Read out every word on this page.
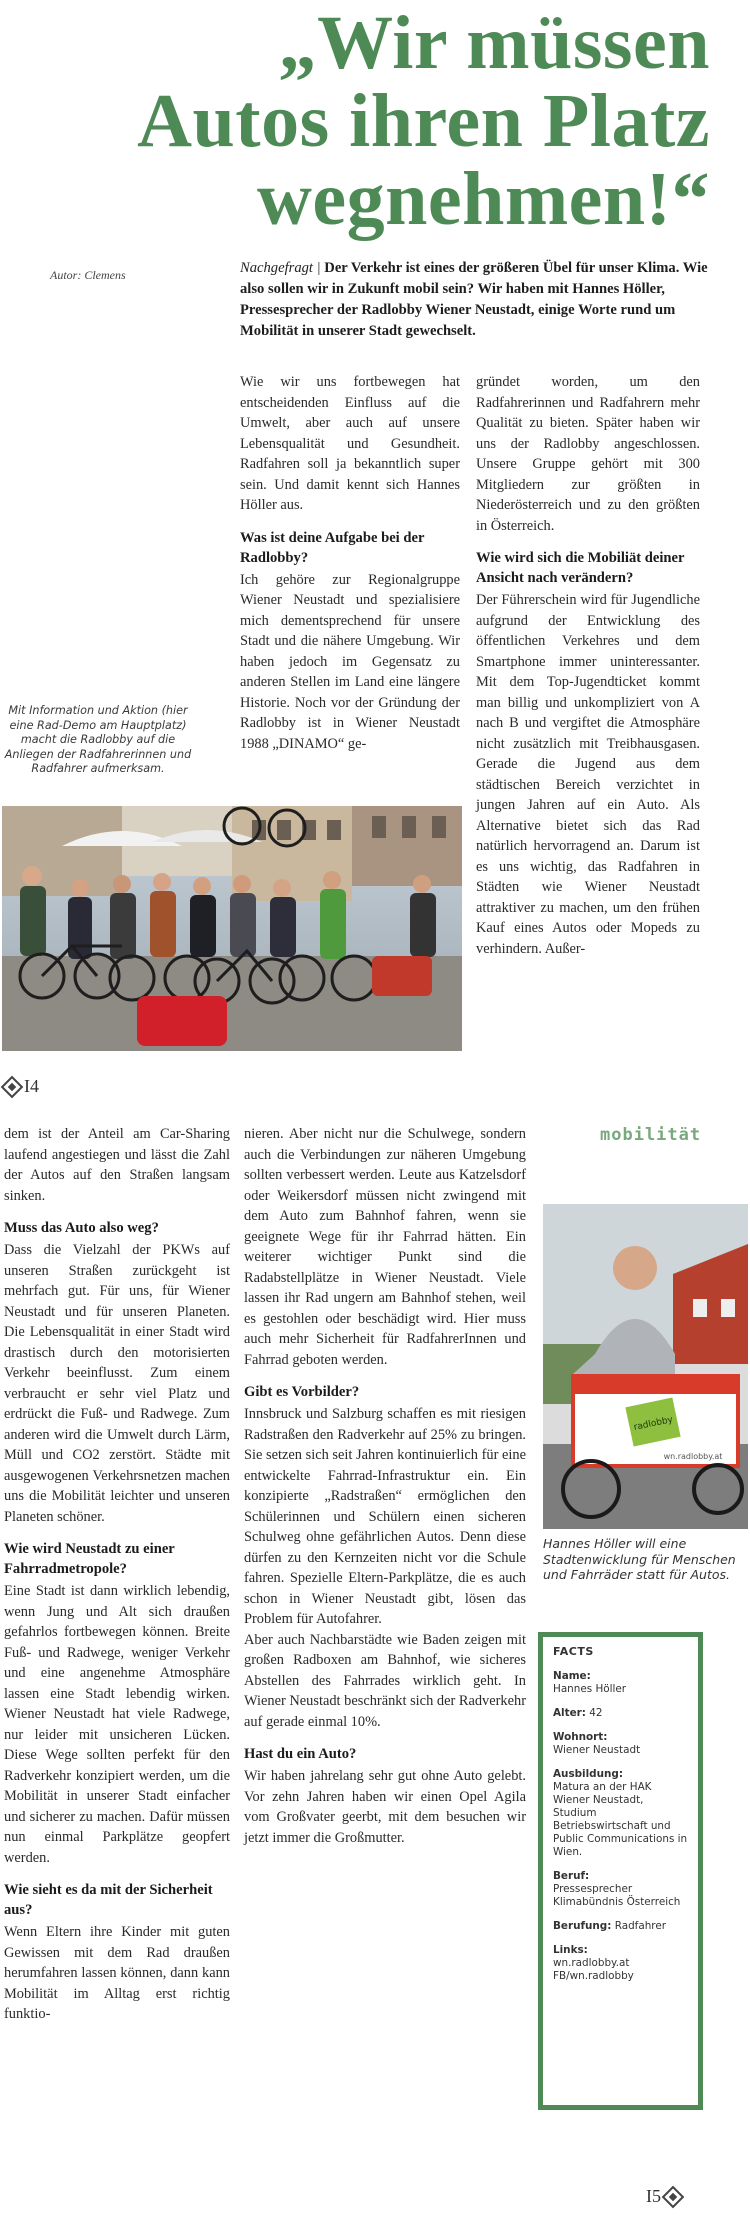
„Wir müssen
Autos ihren Platz
wegnehmen!“
Autor: Clemens	Nachgefragt | Der Verkehr ist eines der größeren Übel für unser Klima. Wie also sollen wir in Zukunft mobil sein? Wir haben mit Hannes Höller, Pressesprecher der Radlobby Wiener Neustadt, einige Worte rund um Mobilität in unserer Stadt gewechselt.

Wie wir uns fortbewegen hat entscheidenden Einfluss auf die Umwelt, aber auch auf unsere Lebensqualität und Gesundheit. Radfahren soll ja bekanntlich super sein. Und damit kennt sich Hannes Höller aus.

Was ist deine Aufgabe bei der Radlobby?

Ich gehöre zur Regionalgruppe Wiener Neustadt und spezialisiere mich dementsprechend für unsere Stadt und die nähere Umgebung. Wir haben jedoch im Gegensatz zu anderen Stellen im Land eine längere Historie. Noch vor der Gründung der Radlobby ist in Wiener Neustadt 1988 „DINAMO“ ge-

gründet worden, um den Radfahrerinnen und Radfahrern mehr Qualität zu bieten. Später haben wir uns der Radlobby angeschlossen. Unsere Gruppe gehört mit 300 Mitgliedern zur größten in Niederösterreich und zu den größten in Österreich.

Wie wird sich die Mobiliät deiner Ansicht nach verändern?

Der Führerschein wird für Jugendliche aufgrund der Entwicklung des öffentlichen Verkehres und dem Smartphone immer uninteressanter. Mit dem Top-Jugendticket kommt man billig und unkompliziert von A nach B und vergiftet die Atmosphäre nicht zusätzlich mit Treibhausgasen. Gerade die Jugend aus dem städtischen Bereich verzichtet in jungen Jahren auf ein Auto. Als Alternative bietet sich das Rad natürlich hervorragend an. Darum ist es uns wichtig, das Radfahren in Städten wie Wiener Neustadt attraktiver zu machen, um den frühen Kauf eines Autos oder Mopeds zu verhindern. Außer-

Mit Information und Aktion (hier eine Rad-Demo am Hauptplatz) macht die Radlobby auf die Anliegen der Radfahrerinnen und Radfahrer aufmerksam.
I4
mobilität

dem ist der Anteil am Car-Sharing laufend angestiegen und lässt die Zahl der Autos auf den Straßen langsam sinken.

Muss das Auto also weg?

Dass die Vielzahl der PKWs auf unseren Straßen zurückgeht ist mehrfach gut. Für uns, für Wiener Neustadt und für unseren Planeten. Die Lebensqualität in einer Stadt wird drastisch durch den motorisierten Verkehr beeinflusst. Zum einem verbraucht er sehr viel Platz und erdrückt die Fuß- und Radwege. Zum anderen wird die Umwelt durch Lärm, Müll und CO2 zerstört. Städte mit ausgewogenen Verkehrsnetzen machen uns die Mobilität leichter und unseren Planeten schöner.

Wie wird Neustadt zu einer Fahrradmetropole?

Eine Stadt ist dann wirklich lebendig, wenn Jung und Alt sich draußen gefahrlos fortbewegen können. Breite Fuß- und Radwege, weniger Verkehr und eine angenehme Atmosphäre lassen eine Stadt lebendig wirken. Wiener Neustadt hat viele Radwege, nur leider mit unsicheren Lücken. Diese Wege sollten perfekt für den Radverkehr konzipiert werden, um die Mobilität in unserer Stadt einfacher und sicherer zu machen. Dafür müssen nun einmal Parkplätze geopfert werden.

Wie sieht es da mit der Sicherheit aus?

Wenn Eltern ihre Kinder mit guten Gewissen mit dem Rad draußen herumfahren lassen können, dann kann Mobilität im Alltag erst richtig funktio-

nieren. Aber nicht nur die Schulwege, sondern auch die Verbindungen zur näheren Umgebung sollten verbessert werden. Leute aus Katzelsdorf oder Weikersdorf müssen nicht zwingend mit dem Auto zum Bahnhof fahren, wenn sie geeignete Wege für ihr Fahrrad hätten. Ein weiterer wichtiger Punkt sind die Radabstellplätze in Wiener Neustadt. Viele lassen ihr Rad ungern am Bahnhof stehen, weil es gestohlen oder beschädigt wird. Hier muss auch mehr Sicherheit für RadfahrerInnen und Fahrrad geboten werden.

Gibt es Vorbilder?

Innsbruck und Salzburg schaffen es mit riesigen Radstraßen den Radverkehr auf 25% zu bringen. Sie setzen sich seit Jahren kontinuierlich für eine entwickelte Fahrrad-Infrastruktur ein. Ein konzipierte „Radstraßen“ ermöglichen den Schülerinnen und Schülern einen sicheren Schulweg ohne gefährlichen Autos. Denn diese dürfen zu den Kernzeiten nicht vor die Schule fahren. Spezielle Eltern-Parkplätze, die es auch schon in Wiener Neustadt gibt, lösen das Problem für Autofahrer.

Aber auch Nachbarstädte wie Baden zeigen mit großen Radboxen am Bahnhof, wie sicheres Abstellen des Fahrrades wirklich geht. In Wiener Neustadt beschränkt sich der Radverkehr auf gerade einmal 10%.

Hast du ein Auto?

Wir haben jahrelang sehr gut ohne Auto gelebt. Vor zehn Jahren haben wir einen Opel Agila vom Großvater geerbt, mit dem besuchen wir jetzt immer die Großmutter.

radlobby
wn.radlobby.at
Hannes Höller will eine Stadtenwicklung für Menschen und Fahrräder statt für Autos.
FACTS
Name:
Hannes Höller
Alter: 42
Wohnort:
Wiener Neustadt
Ausbildung:
Matura an der HAK Wiener Neustadt, Studium Betriebswirtschaft und Public Communications in Wien.
Beruf:
Pressesprecher Klimabündnis Österreich
Berufung: Radfahrer
Links:
wn.radlobby.at
FB/wn.radlobby
I5
